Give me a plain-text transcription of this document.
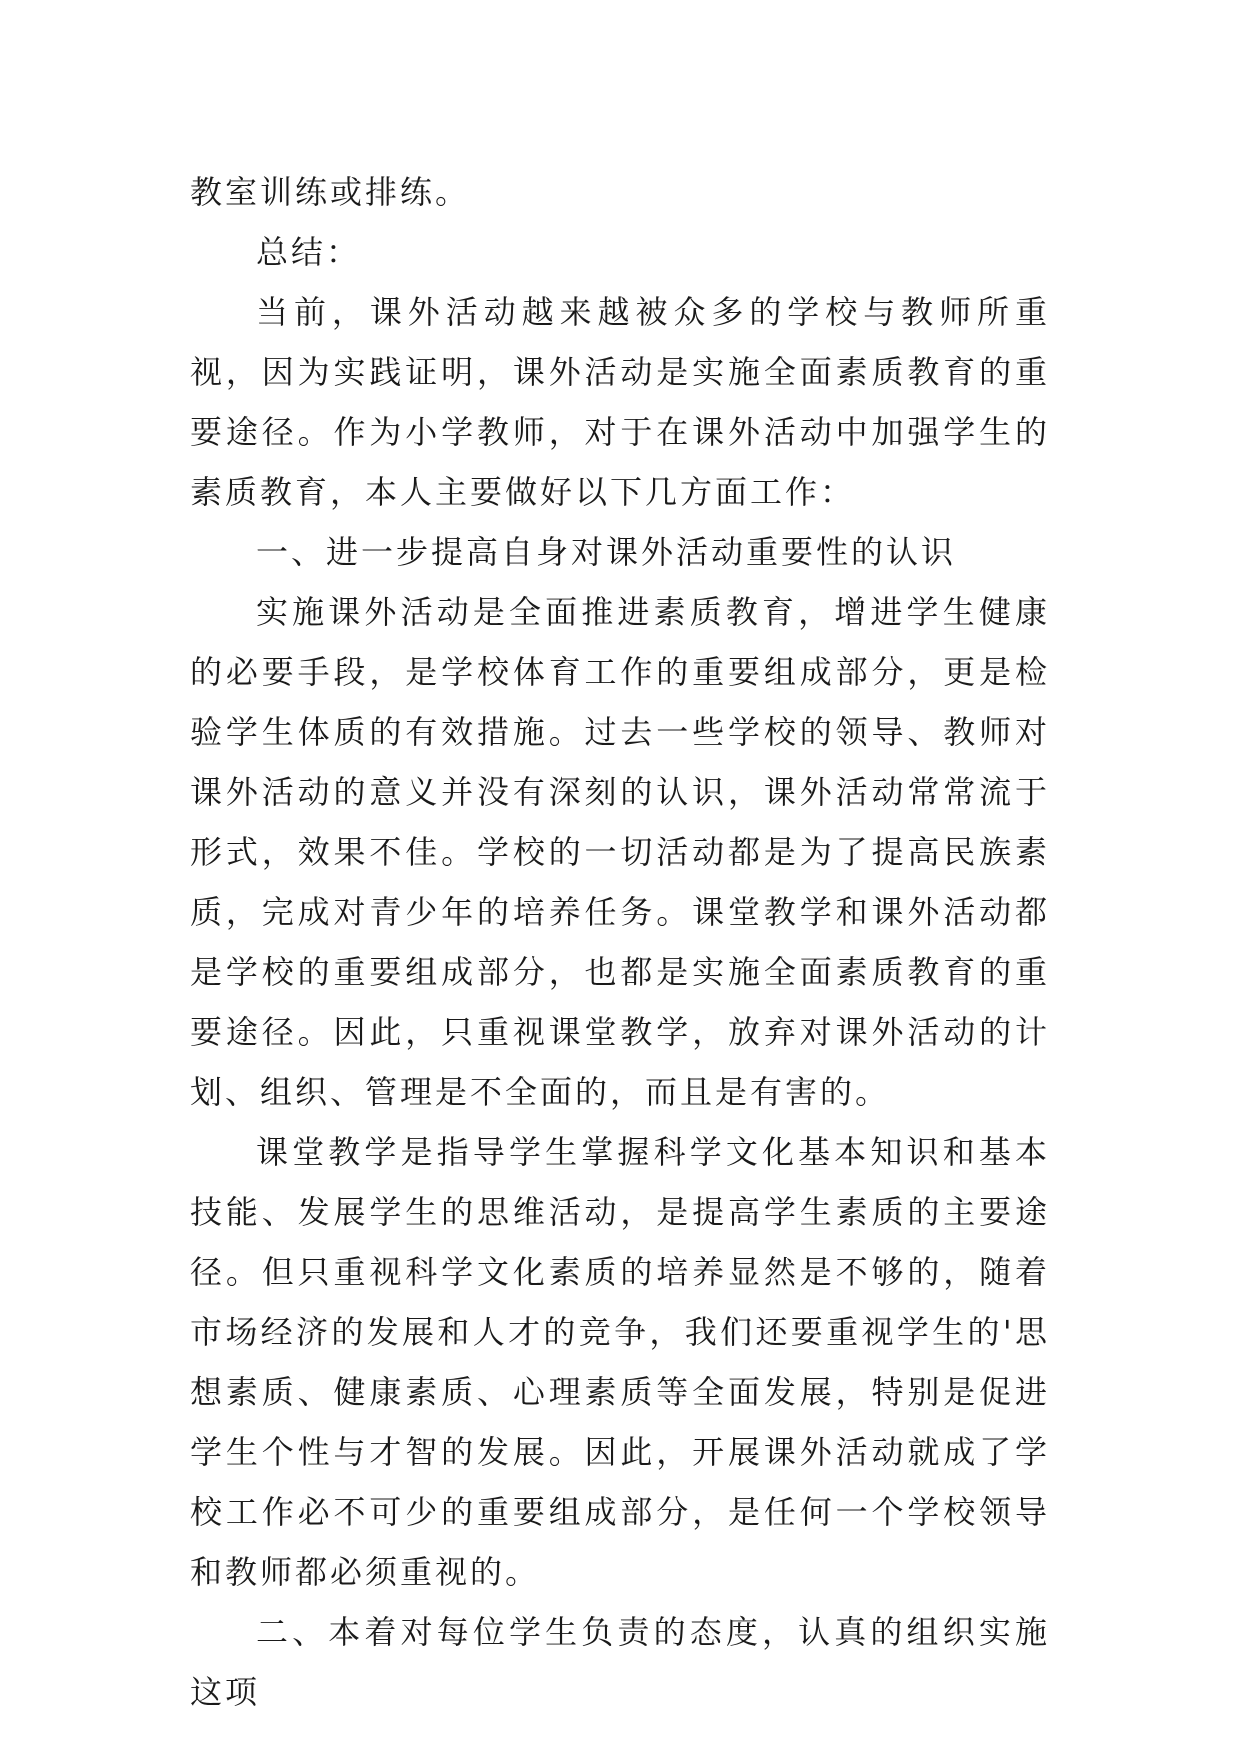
教室训练或排练。

总结：

当前，课外活动越来越被众多的学校与教师所重视，因为实践证明，课外活动是实施全面素质教育的重要途径。作为小学教师，对于在课外活动中加强学生的素质教育，本人主要做好以下几方面工作：

一、进一步提高自身对课外活动重要性的认识

实施课外活动是全面推进素质教育，增进学生健康的必要手段，是学校体育工作的重要组成部分，更是检验学生体质的有效措施。过去一些学校的领导、教师对课外活动的意义并没有深刻的认识，课外活动常常流于形式，效果不佳。学校的一切活动都是为了提高民族素质，完成对青少年的培养任务。课堂教学和课外活动都是学校的重要组成部分，也都是实施全面素质教育的重要途径。因此，只重视课堂教学，放弃对课外活动的计划、组织、管理是不全面的，而且是有害的。

课堂教学是指导学生掌握科学文化基本知识和基本技能、发展学生的思维活动，是提高学生素质的主要途径。但只重视科学文化素质的培养显然是不够的，随着市场经济的发展和人才的竞争，我们还要重视学生的'思想素质、健康素质、心理素质等全面发展，特别是促进学生个性与才智的发展。因此，开展课外活动就成了学校工作必不可少的重要组成部分，是任何一个学校领导和教师都必须重视的。

二、本着对每位学生负责的态度，认真的组织实施这项
